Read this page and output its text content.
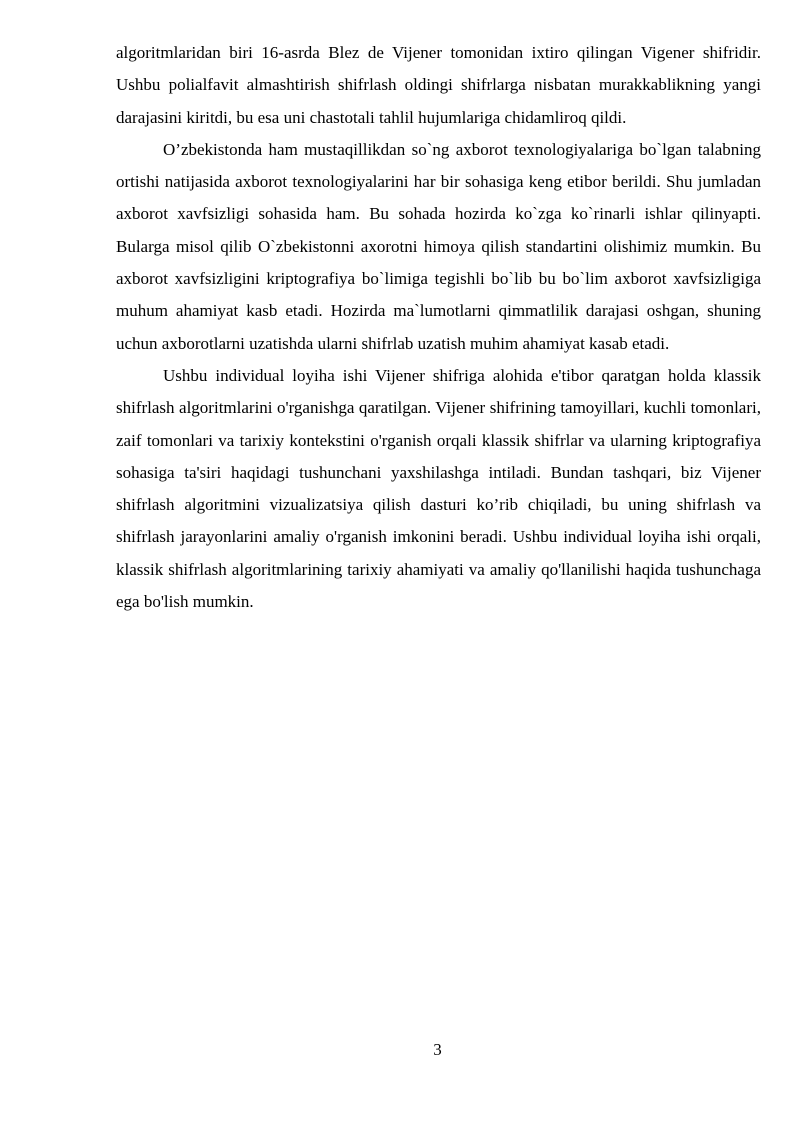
algoritmlaridan biri 16-asrda Blez de Vijener tomonidan ixtiro qilingan Vigener shifridir. Ushbu polialfavit almashtirish shifrlash oldingi shifrlarga nisbatan murakkablikning yangi darajasini kiritdi, bu esa uni chastotali tahlil hujumlariga chidamliroq qildi.

O’zbekistonda ham mustaqillikdan so`ng axborot texnologiyalariga bo`lgan talabning ortishi natijasida axborot texnologiyalarini har bir sohasiga keng etibor berildi. Shu jumladan axborot xavfsizligi sohasida ham. Bu sohada hozirda ko`zga ko`rinarli ishlar qilinyapti. Bularga misol qilib O`zbekistonni axorotni himoya qilish standartini olishimiz mumkin. Bu axborot xavfsizligini kriptografiya bo`limiga tegishli bo`lib bu bo`lim axborot xavfsizligiga muhum ahamiyat kasb etadi. Hozirda ma`lumotlarni qimmatlilik darajasi oshgan, shuning uchun axborotlarni uzatishda ularni shifrlab uzatish muhim ahamiyat kasab etadi.

Ushbu individual loyiha ishi Vijener shifriga alohida e'tibor qaratgan holda klassik shifrlash algoritmlarini o'rganishga qaratilgan. Vijener shifrining tamoyillari, kuchli tomonlari, zaif tomonlari va tarixiy kontekstini o'rganish orqali klassik shifrlar va ularning kriptografiya sohasiga ta'siri haqidagi tushunchani yaxshilashga intiladi. Bundan tashqari, biz Vijener shifrlash algoritmini vizualizatsiya qilish dasturi ko’rib chiqiladi, bu uning shifrlash va shifrlash jarayonlarini amaliy o'rganish imkonini beradi. Ushbu individual loyiha ishi orqali, klassik shifrlash algoritmlarining tarixiy ahamiyati va amaliy qo'llanilishi haqida tushunchaga ega bo'lish mumkin.

3
